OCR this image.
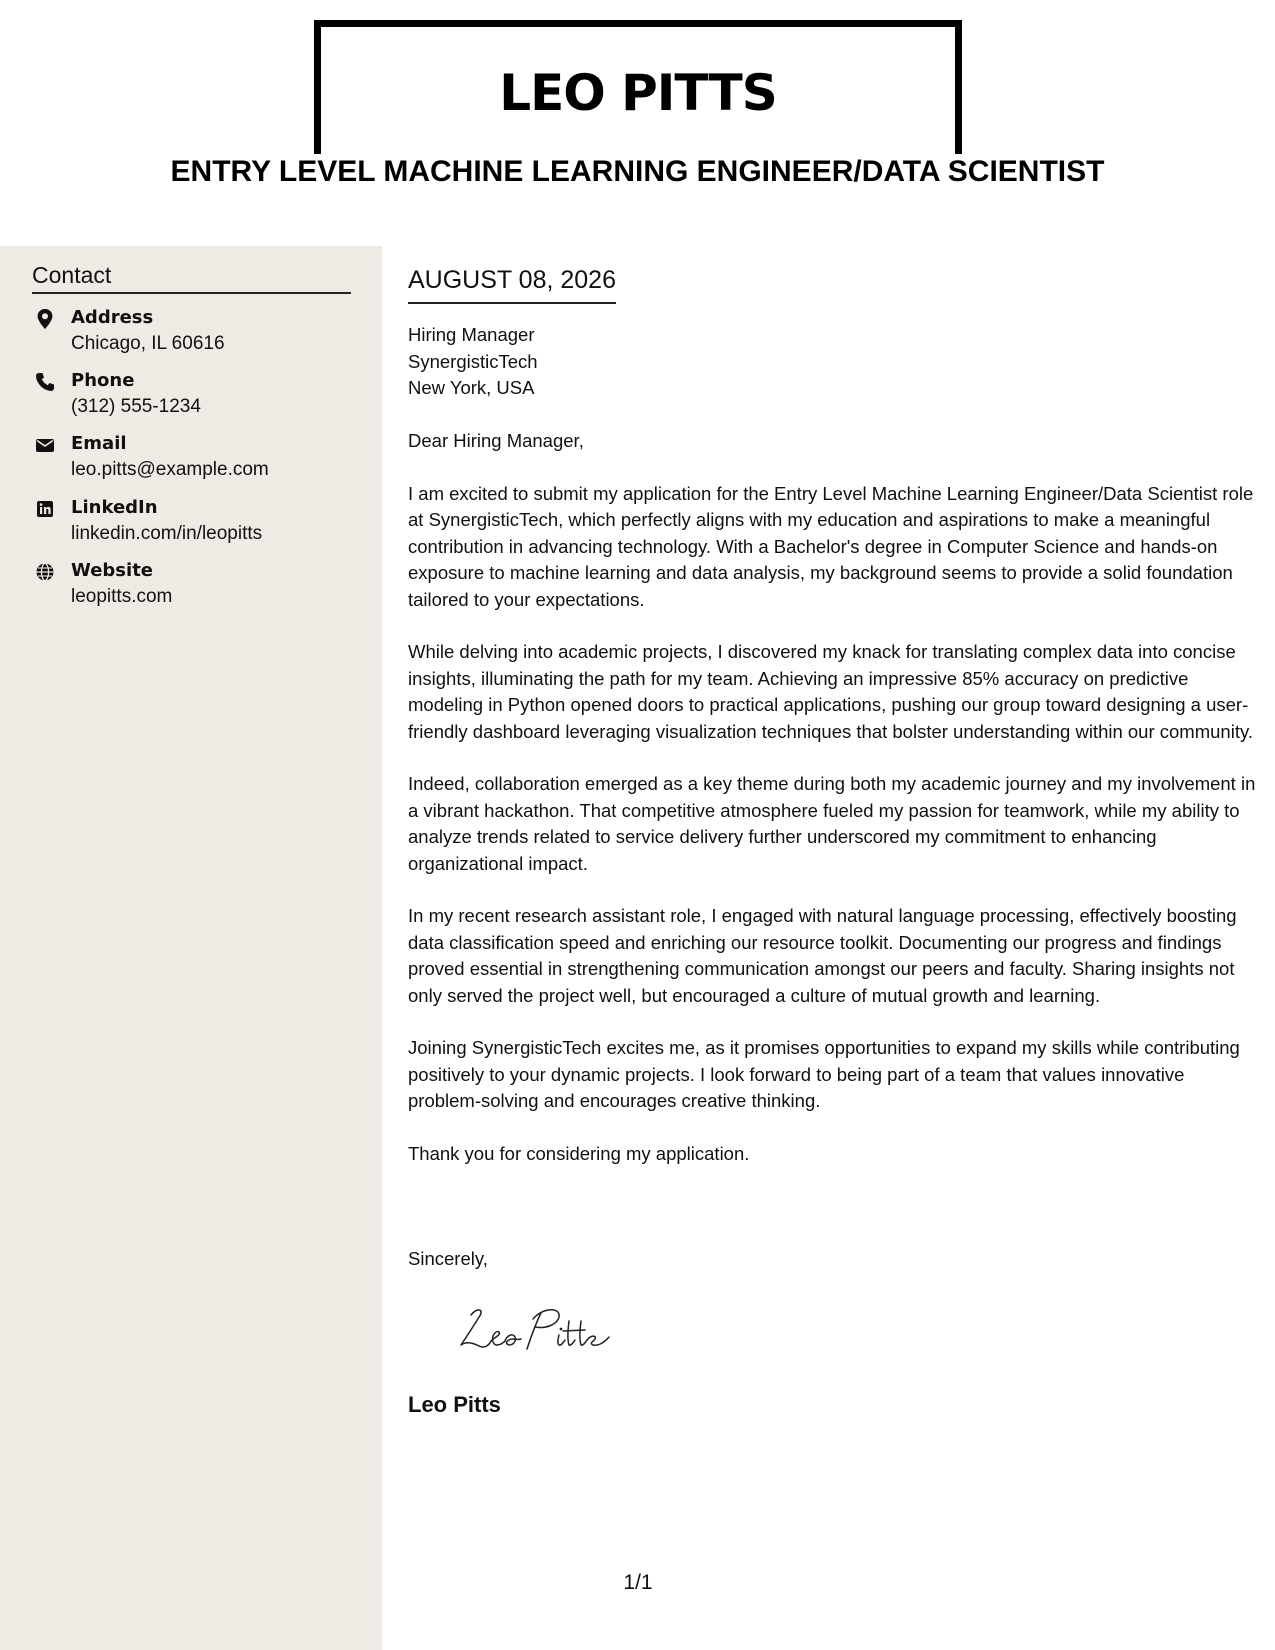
LEO PITTS
ENTRY LEVEL MACHINE LEARNING ENGINEER/DATA SCIENTIST
Contact
Address
Chicago, IL 60616
Phone
(312) 555-1234
Email
leo.pitts@example.com
LinkedIn
linkedin.com/in/leopitts
Website
leopitts.com
AUGUST 08, 2026
Hiring Manager
SynergisticTech
New York, USA

Dear Hiring Manager,

I am excited to submit my application for the Entry Level Machine Learning Engineer/Data Scientist role at SynergisticTech, which perfectly aligns with my education and aspirations to make a meaningful contribution in advancing technology. With a Bachelor's degree in Computer Science and hands-on exposure to machine learning and data analysis, my background seems to provide a solid foundation tailored to your expectations.

While delving into academic projects, I discovered my knack for translating complex data into concise insights, illuminating the path for my team. Achieving an impressive 85% accuracy on predictive modeling in Python opened doors to practical applications, pushing our group toward designing a user-friendly dashboard leveraging visualization techniques that bolster understanding within our community.

Indeed, collaboration emerged as a key theme during both my academic journey and my involvement in a vibrant hackathon. That competitive atmosphere fueled my passion for teamwork, while my ability to analyze trends related to service delivery further underscored my commitment to enhancing organizational impact.

In my recent research assistant role, I engaged with natural language processing, effectively boosting data classification speed and enriching our resource toolkit. Documenting our progress and findings proved essential in strengthening communication amongst our peers and faculty. Sharing insights not only served the project well, but encouraged a culture of mutual growth and learning.

Joining SynergisticTech excites me, as it promises opportunities to expand my skills while contributing positively to your dynamic projects. I look forward to being part of a team that values innovative problem-solving and encourages creative thinking.

Thank you for considering my application.

Sincerely,
Leo Pitts
1/1
